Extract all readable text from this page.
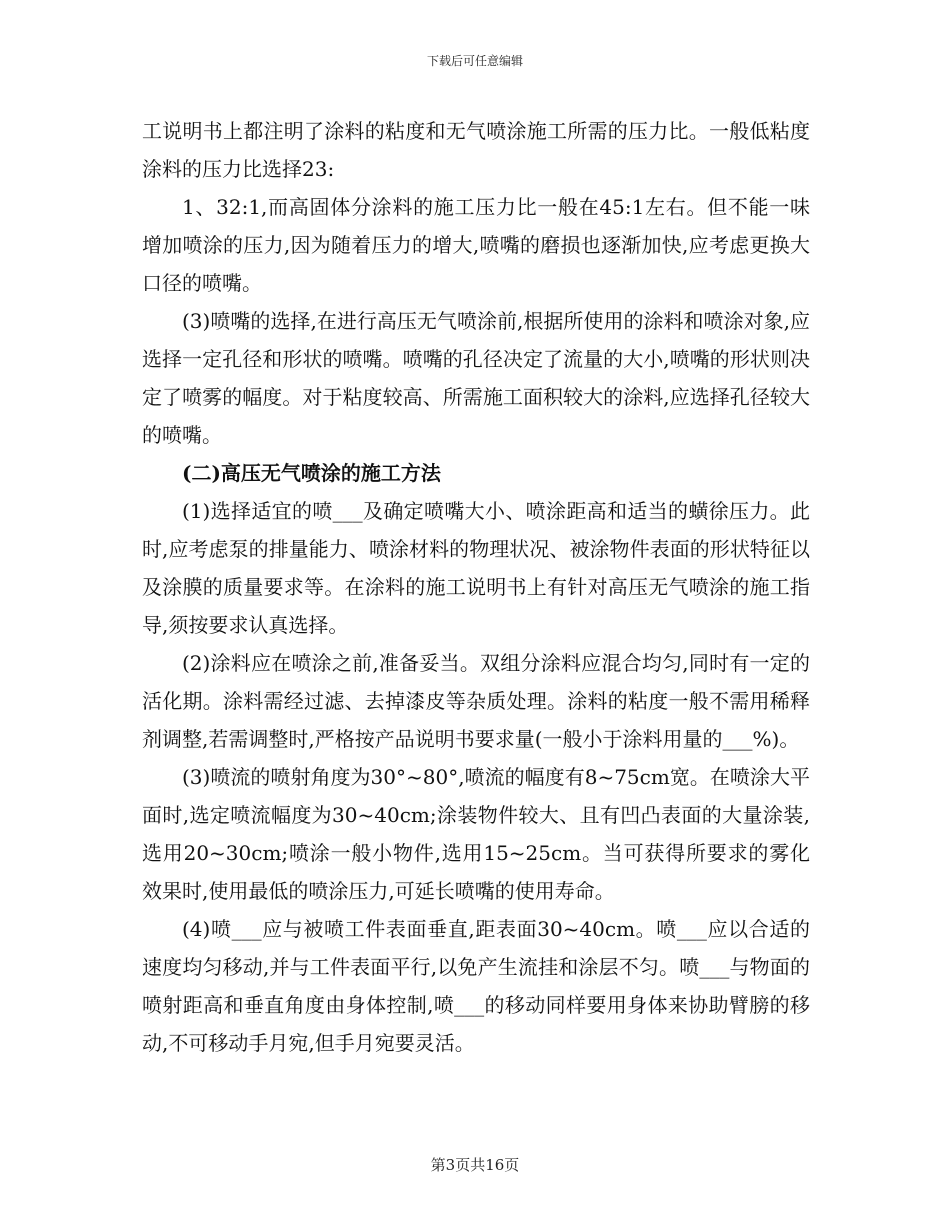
下载后可任意编辑

工说明书上都注明了涂料的粘度和无气喷涂施工所需的压力比。一般低粘度涂料的压力比选择23:

1、32:1,而高固体分涂料的施工压力比一般在45:1左右。但不能一味增加喷涂的压力,因为随着压力的增大,喷嘴的磨损也逐渐加快,应考虑更换大口径的喷嘴。

(3)喷嘴的选择,在进行高压无气喷涂前,根据所使用的涂料和喷涂对象,应选择一定孔径和形状的喷嘴。喷嘴的孔径决定了流量的大小,喷嘴的形状则决定了喷雾的幅度。对于粘度较高、所需施工面积较大的涂料,应选择孔径较大的喷嘴。

(二)高压无气喷涂的施工方法

(1)选择适宜的喷___及确定喷嘴大小、喷涂距高和适当的蟥徐压力。此时,应考虑泵的排量能力、喷涂材料的物理状况、被涂物件表面的形状特征以及涂膜的质量要求等。在涂料的施工说明书上有针对高压无气喷涂的施工指导,须按要求认真选择。

(2)涂料应在喷涂之前,准备妥当。双组分涂料应混合均匀,同时有一定的活化期。涂料需经过滤、去掉漆皮等杂质处理。涂料的粘度一般不需用稀释剂调整,若需调整时,严格按产品说明书要求量(一般小于涂料用量的___%)。

(3)喷流的喷射角度为30°~80°,喷流的幅度有8~75cm宽。在喷涂大平面时,选定喷流幅度为30~40cm;涂装物件较大、且有凹凸表面的大量涂装,选用20~30cm;喷涂一般小物件,选用15~25cm。当可获得所要求的雾化效果时,使用最低的喷涂压力,可延长喷嘴的使用寿命。

(4)喷___应与被喷工件表面垂直,距表面30~40cm。喷___应以合适的速度均匀移动,并与工件表面平行,以免产生流挂和涂层不匀。喷___与物面的喷射距高和垂直角度由身体控制,喷___的移动同样要用身体来协助臂膀的移动,不可移动手月宛,但手月宛要灵活。

第3页共16页
